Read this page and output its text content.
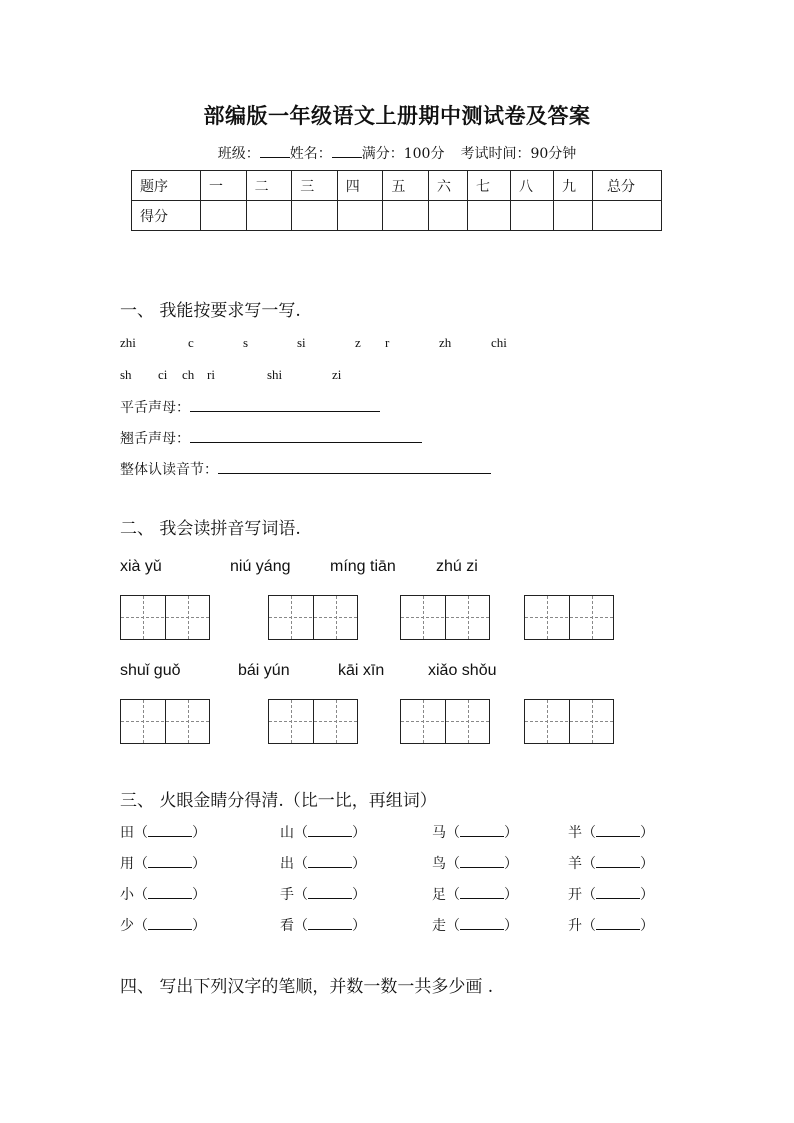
部编版一年级语文上册期中测试卷及答案
班级： 姓名： 满分：100分 考试时间：90分钟
题序	一	二	三	四	五	六	七	八	九	总分
得分										
一、 我能按要求写一写.
zhi	c	s	si	z r	zh	chi
sh ci ch ri	shi	zi
平舌声母：
翘舌声母：
整体认读音节：
二、 我会读拼音写词语.
xià yǔ	niú yáng míng tiān	zhú zi
shuǐ guǒ	bái yún	kāi xīn	xiǎo shǒu
三、 火眼金睛分得清.（比一比，再组词）
田（	）	山（	）	马（	）	半（	）
用（	）	出（	）	鸟（	）	羊（	）
小（	）	手（	）	足（	）	开（	）
少（	）	看（	）	走（	）	升（	）
四、 写出下列汉字的笔顺，并数一数一共多少画 .
